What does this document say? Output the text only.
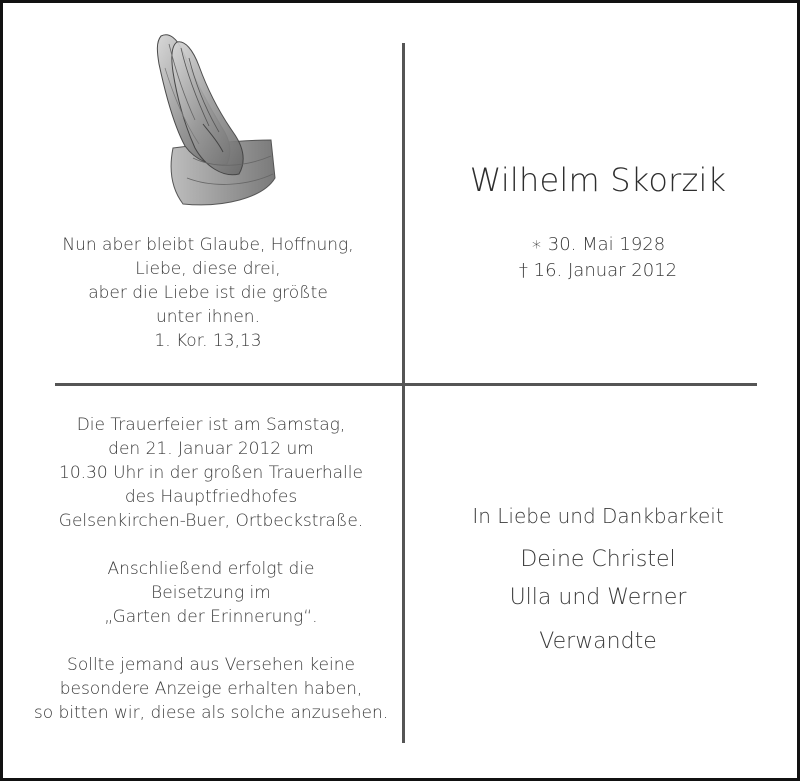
Nun aber bleibt Glaube, Hoffnung,
Liebe, diese drei,
aber die Liebe ist die größte
unter ihnen.
1. Kor. 13,13
Wilhelm Skorzik
∗ 30. Mai 1928
† 16. Januar 2012
Die Trauerfeier ist am Samstag,
den 21. Januar 2012 um
10.30 Uhr in der großen Trauerhalle
des Hauptfriedhofes
Gelsenkirchen-Buer, Ortbeckstraße.
Anschließend erfolgt die
Beisetzung im
„Garten der Erinnerung“.
Sollte jemand aus Versehen keine
besondere Anzeige erhalten haben,
so bitten wir, diese als solche anzusehen.
In Liebe und Dankbarkeit
Deine Christel
Ulla und Werner
Verwandte
